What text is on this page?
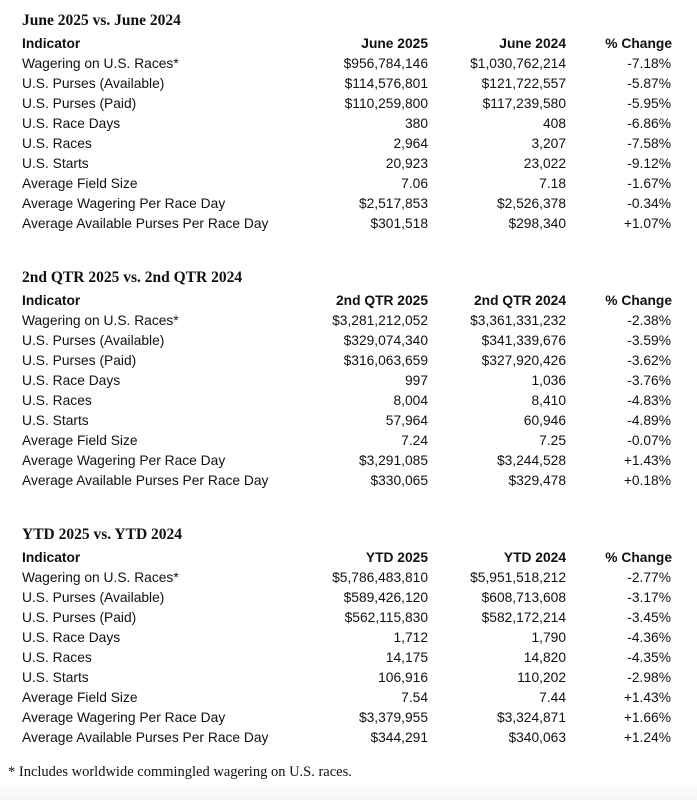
June 2025 vs. June 2024
Indicator	June 2025	June 2024	% Change
Wagering on U.S. Races*	$956,784,146	$1,030,762,214	-7.18%
U.S. Purses (Available)	$114,576,801	$121,722,557	-5.87%
U.S. Purses (Paid)	$110,259,800	$117,239,580	-5.95%
U.S. Race Days	380	408	-6.86%
U.S. Races	2,964	3,207	-7.58%
U.S. Starts	20,923	23,022	-9.12%
Average Field Size	7.06	7.18	-1.67%
Average Wagering Per Race Day	$2,517,853	$2,526,378	-0.34%
Average Available Purses Per Race Day	$301,518	$298,340	+1.07%
2nd QTR 2025 vs. 2nd QTR 2024
Indicator	2nd QTR 2025	2nd QTR 2024	% Change
Wagering on U.S. Races*	$3,281,212,052	$3,361,331,232	-2.38%
U.S. Purses (Available)	$329,074,340	$341,339,676	-3.59%
U.S. Purses (Paid)	$316,063,659	$327,920,426	-3.62%
U.S. Race Days	997	1,036	-3.76%
U.S. Races	8,004	8,410	-4.83%
U.S. Starts	57,964	60,946	-4.89%
Average Field Size	7.24	7.25	-0.07%
Average Wagering Per Race Day	$3,291,085	$3,244,528	+1.43%
Average Available Purses Per Race Day	$330,065	$329,478	+0.18%
YTD 2025 vs. YTD 2024
Indicator	YTD 2025	YTD 2024	% Change
Wagering on U.S. Races*	$5,786,483,810	$5,951,518,212	-2.77%
U.S. Purses (Available)	$589,426,120	$608,713,608	-3.17%
U.S. Purses (Paid)	$562,115,830	$582,172,214	-3.45%
U.S. Race Days	1,712	1,790	-4.36%
U.S. Races	14,175	14,820	-4.35%
U.S. Starts	106,916	110,202	-2.98%
Average Field Size	7.54	7.44	+1.43%
Average Wagering Per Race Day	$3,379,955	$3,324,871	+1.66%
Average Available Purses Per Race Day	$344,291	$340,063	+1.24%
* Includes worldwide commingled wagering on U.S. races.
